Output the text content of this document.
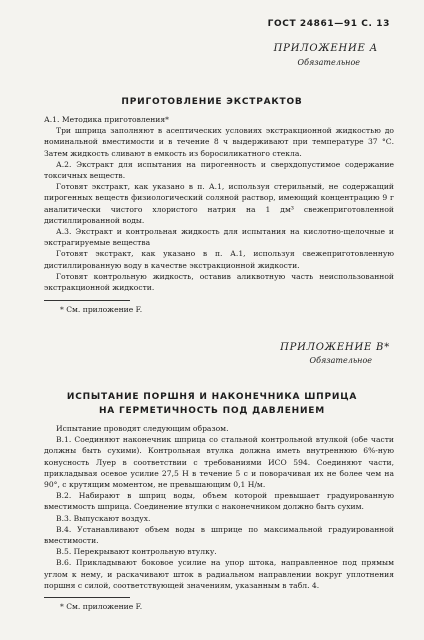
ГОСТ 24861—91 С. 13
ПРИЛОЖЕНИЕ А
Обязательное
ПРИГОТОВЛЕНИЕ ЭКСТРАКТОВ

А.1. Методика приготовления*

Три шприца заполняют в асептических условиях экстракционной жидкостью до номинальной вместимости и в течение 8 ч выдерживают при температуре 37 °С. Затем жидкость сливают в емкость из боросиликатного стекла.

А.2. Экстракт для испытания на пирогенность и сверхдопустимое содержание токсичных веществ.

Готовят экстракт, как указано в п. А.1, используя стерильный, не содержащий пирогенных веществ физиологический соляной раствор, имеющий концентрацию 9 г аналитически чистого хлористого натрия на 1 дм³ свежеприготовленной дистиллированной воды.

А.3. Экстракт и контрольная жидкость для испытания на кислотно-щелочные и экстрагируемые вещества

Готовят экстракт, как указано в п. А.1, используя свежеприготовленную дистиллированную воду в качестве экстракционной жидкости.

Готовят контрольную жидкость, оставив аликвотную часть неиспользованной экстракционной жидкости.

* См. приложение F.
ПРИЛОЖЕНИЕ В*
Обязательное
ИСПЫТАНИЕ ПОРШНЯ И НАКОНЕЧНИКА ШПРИЦА
НА ГЕРМЕТИЧНОСТЬ ПОД ДАВЛЕНИЕМ

Испытание проводят следующим образом.

В.1. Соединяют наконечник шприца со стальной контрольной втулкой (обе части должны быть сухими). Контрольная втулка должна иметь внутреннюю 6%-ную конусность Луер в соответствии с требованиями ИСО 594. Соединяют части, прикладывая осевое усилие 27,5 Н в течение 5 с и поворачивая их не более чем на 90°, с крутящим моментом, не превышающим 0,1 Н/м.

В.2. Набирают в шприц воды, объем которой превышает градуированную вместимость шприца. Соединение втулки с наконечником должно быть сухим.

В.3. Выпускают воздух.

В.4. Устанавливают объем воды в шприце по максимальной градуированной вместимости.

В.5. Перекрывают контрольную втулку.

В.6. Прикладывают боковое усилие на упор штока, направленное под прямым углом к нему, и раскачивают шток в радиальном направлении вокруг уплотнения поршня с силой, соответствующей значениям, указанным в табл. 4.

* См. приложение F.
